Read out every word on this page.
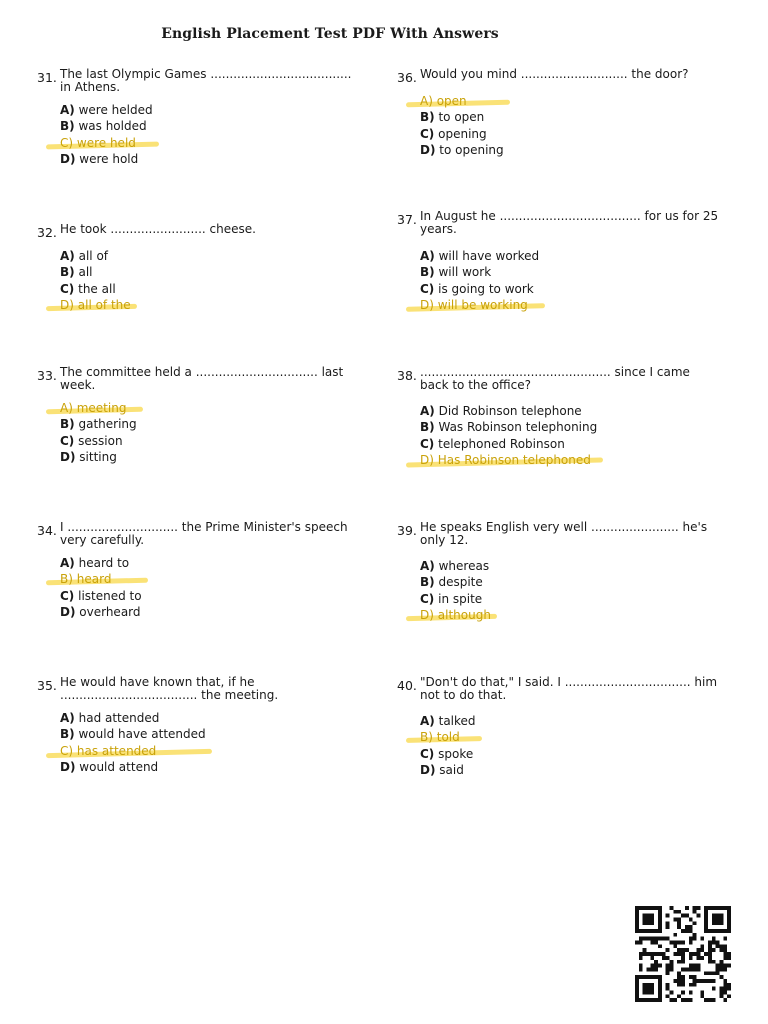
English Placement Test PDF With Answers
31. The last Olympic Games ..................................... in Athens.
A) were helded
B) was holded
C) were held
D) were hold
32. He took ......................... cheese.
A) all of
B) all
C) the all
D) all of the
33. The committee held a ................................ last week.
A) meeting
B) gathering
C) session
D) sitting
34. I ............................. the Prime Minister's speech very carefully.
A) heard to
B) heard
C) listened to
D) overheard
35. He would have known that, if he .................................... the meeting.
A) had attended
B) would have attended
C) has attended
D) would attend
36. Would you mind ............................ the door?
A) open
B) to open
C) opening
D) to opening
37. In August he ..................................... for us for 25 years.
A) will have worked
B) will work
C) is going to work
D) will be working
38. .................................................. since I came back to the office?
A) Did Robinson telephone
B) Was Robinson telephoning
C) telephoned Robinson
D) Has Robinson telephoned
39. He speaks English very well ....................... he's only 12.
A) whereas
B) despite
C) in spite
D) although
40. "Don't do that," I said. I ................................. him not to do that.
A) talked
B) told
C) spoke
D) said
